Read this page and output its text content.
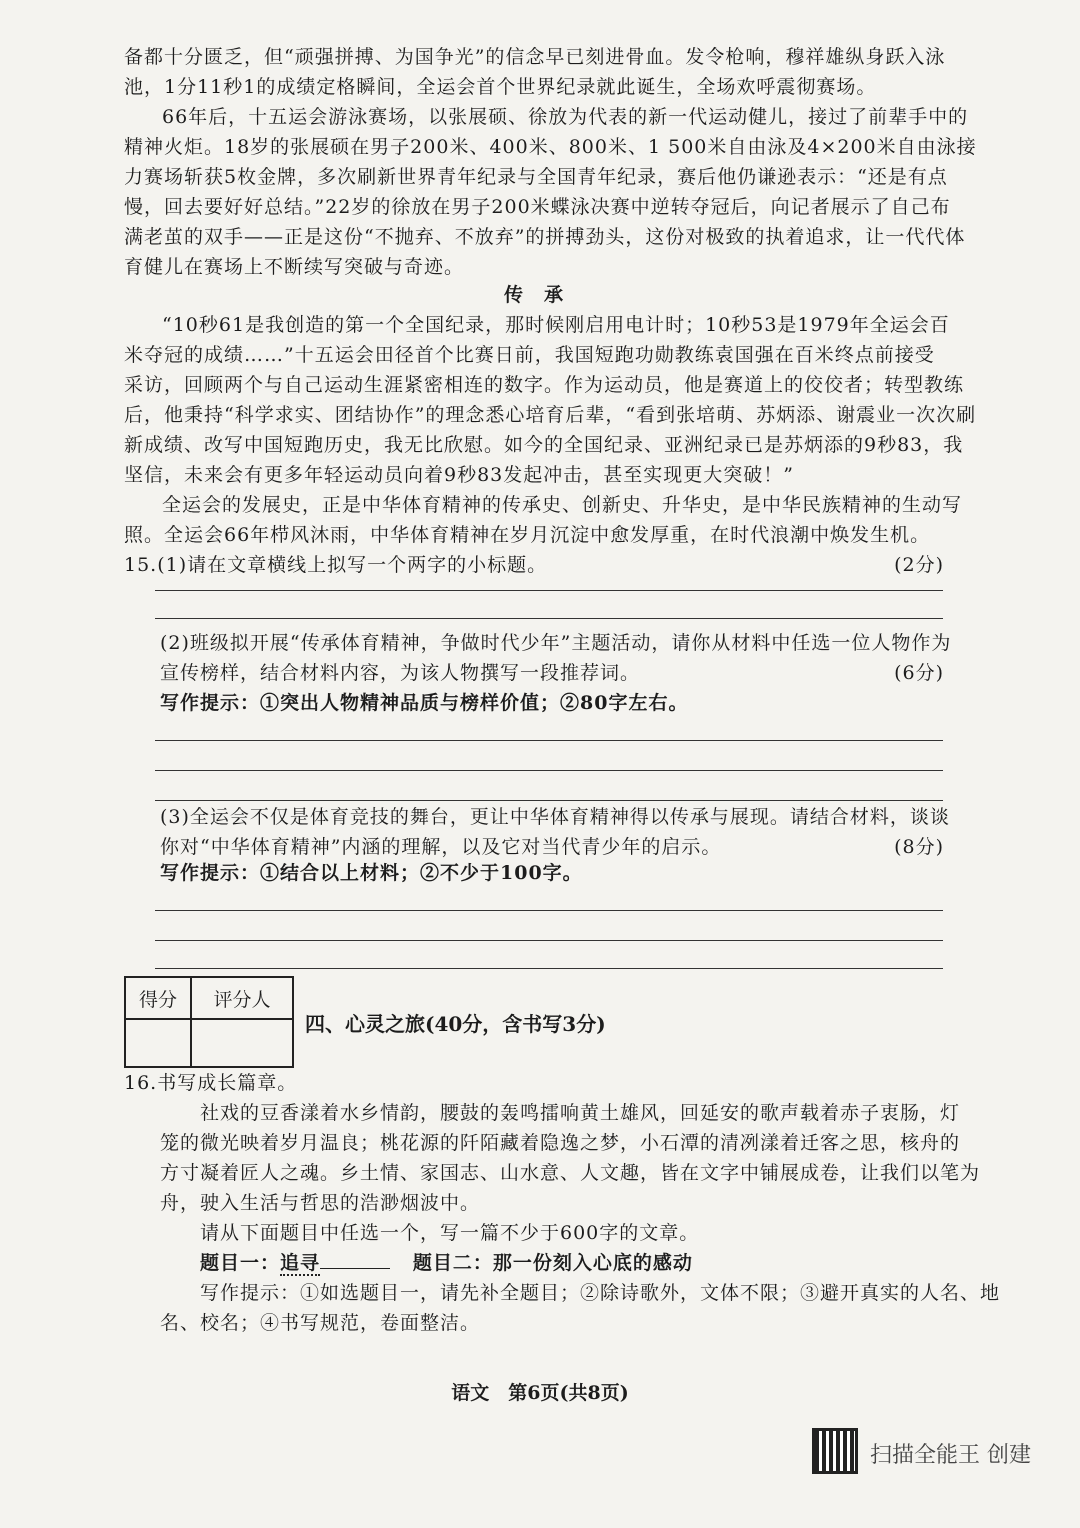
备都十分匮乏，但“顽强拼搏、为国争光”的信念早已刻进骨血。发令枪响，穆祥雄纵身跃入泳
池，1分11秒1的成绩定格瞬间，全运会首个世界纪录就此诞生，全场欢呼震彻赛场。
66年后，十五运会游泳赛场，以张展硕、徐放为代表的新一代运动健儿，接过了前辈手中的
精神火炬。18岁的张展硕在男子200米、400米、800米、1 500米自由泳及4×200米自由泳接
力赛场斩获5枚金牌，多次刷新世界青年纪录与全国青年纪录，赛后他仍谦逊表示：“还是有点
慢，回去要好好总结。”22岁的徐放在男子200米蝶泳决赛中逆转夺冠后，向记者展示了自己布
满老茧的双手——正是这份“不抛弃、不放弃”的拼搏劲头，这份对极致的执着追求，让一代代体
育健儿在赛场上不断续写突破与奇迹。
传　承
“10秒61是我创造的第一个全国纪录，那时候刚启用电计时；10秒53是1979年全运会百
米夺冠的成绩……”十五运会田径首个比赛日前，我国短跑功勋教练袁国强在百米终点前接受
采访，回顾两个与自己运动生涯紧密相连的数字。作为运动员，他是赛道上的佼佼者；转型教练
后，他秉持“科学求实、团结协作”的理念悉心培育后辈，“看到张培萌、苏炳添、谢震业一次次刷
新成绩、改写中国短跑历史，我无比欣慰。如今的全国纪录、亚洲纪录已是苏炳添的9秒83，我
坚信，未来会有更多年轻运动员向着9秒83发起冲击，甚至实现更大突破！”
全运会的发展史，正是中华体育精神的传承史、创新史、升华史，是中华民族精神的生动写
照。全运会66年栉风沐雨，中华体育精神在岁月沉淀中愈发厚重，在时代浪潮中焕发生机。
15.(1)请在文章横线上拟写一个两字的小标题。	(2分)
(2)班级拟开展“传承体育精神，争做时代少年”主题活动，请你从材料中任选一位人物作为
宣传榜样，结合材料内容，为该人物撰写一段推荐词。	(6分)
写作提示：①突出人物精神品质与榜样价值；②80字左右。
(3)全运会不仅是体育竞技的舞台，更让中华体育精神得以传承与展现。请结合材料，谈谈
你对“中华体育精神”内涵的理解，以及它对当代青少年的启示。	(8分)
写作提示：①结合以上材料；②不少于100字。
得分	评分人

四、心灵之旅(40分，含书写3分)
16.书写成长篇章。
社戏的豆香漾着水乡情韵，腰鼓的轰鸣擂响黄土雄风，回延安的歌声载着赤子衷肠，灯
笼的微光映着岁月温良；桃花源的阡陌藏着隐逸之梦，小石潭的清冽漾着迁客之思，核舟的
方寸凝着匠人之魂。乡土情、家国志、山水意、人文趣，皆在文字中铺展成卷，让我们以笔为
舟，驶入生活与哲思的浩渺烟波中。
请从下面题目中任选一个，写一篇不少于600字的文章。
题目一：追寻	题目二：那一份刻入心底的感动
写作提示：①如选题目一，请先补全题目；②除诗歌外，文体不限；③避开真实的人名、地
名、校名；④书写规范，卷面整洁。
语文　第6页(共8页)
扫描全能王 创建
